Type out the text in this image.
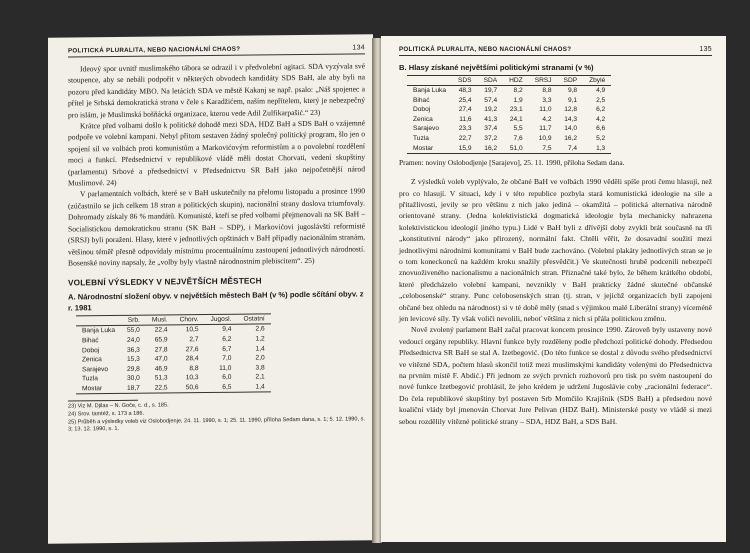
POLITICKÁ PLURALITA, NEBO NACIONÁLNÍ CHAOS?	134

Ideový spor uvnitř muslimského tábora se odrazil i v předvolební agitaci. SDA vyzývala své stoupence, aby se nebáli podpořit v některých obvodech kandidáty SDS BaH, ale aby byli na pozoru před kandidáty MBO. Na letácích SDA ve městě Kakanj se např. psalo: „Náš spojenec a přítel je Srbská demokratická strana v čele s Karadžićem, naším nepřítelem, který je nebezpečný pro islám, je Muslimská bošňácká organizace, kterou vede Adil Zulfikarpašić.“ 23)

Krátce před volbami došlo k politické dohodě mezi SDA, HDZ BaH a SDS BaH o vzájemné podpoře ve volební kampani. Nebyl přitom sestaven žádný společný politický program, šlo jen o spojení sil ve volbách proti komunistům a Markovićovým reformistům a o povolební rozdělení moci a funkcí. Předsednictví v republikové vládě měli dostat Chorvati, vedení skupštiny (parlamentu) Srbové a předsednictví v Předsednictvu SR BaH jako nejpočetnější národ Muslimové. 24)

V parlamentních volbách, které se v BaH uskutečnily na přelomu listopadu a prosince 1990 (zúčastnilo se jich celkem 18 stran a politických skupin), nacionální strany doslova triumfovaly. Dohromady získaly 86 % mandátů. Komunisté, kteří se před volbami přejmenovali na SK BaH – Socialistickou demokratickou stranu (SK BaH – SDP), i Markovićovi jugoslávští reformisté (SRSJ) byli poraženi. Hlasy, které v jednotlivých opštinách v BaH připadly nacionálním stranám, většinou téměř přesně odpovídaly místnímu procentuálnímu zastoupení jednotlivých národností. Bosenské noviny napsaly, že „volby byly vlastně národnostním plebiscitem“. 25)

VOLEBNÍ VÝSLEDKY V NEJVĚTŠÍCH MĚSTECH
A. Národnostní složení obyv. v největších městech BaH (v %) podle sčítání obyv. z r. 1981
	Srb.	Musl.	Chorv.	Jugosl.	Ostatní
Banja Luka	55,0	22,4	10,5	9,4	2,6
Bihać	24,0	65,9	2,7	6,2	1,2
Doboj	36,3	27,8	27,6	6,7	1,4
Zenica	15,3	47,0	28,4	7,0	2,0
Sarajevo	29,8	46,9	8,8	11,0	3,8
Tuzla	30,0	51,3	10,3	6,0	2,1
Mostar	18,7	22,5	50,6	6,5	1,4

23) Viz M. Djilas – N. Goče, c. d., s. 185.

24) Srov. tamtéž, s. 173 a 186.

25) Průběh a výsledky voleb viz Oslobodjenje, 24. 11. 1990, s. 1; 25. 11. 1990, příloha Sedam dana, s. 1; 5. 12. 1990, s. 3; 13. 12. 1990, s. 1.

POLITICKÁ PLURALITA, NEBO NACIONÁLNÍ CHAOS?	135
B. Hlasy získané největšími politickými stranami (v %)
	SDS	SDA	HDZ	SRSJ	SDP	Zbylé
Banja Luka	48,3	19,7	8,2	8,8	9,8	4,9
Bihać	25,4	57,4	1,9	3,3	9,1	2,5
Doboj	27,4	19,2	23,1	11,0	12,8	6,2
Zenica	11,6	41,3	24,1	4,2	14,3	4,2
Sarajevo	23,3	37,4	5,5	11,7	14,0	6,6
Tuzla	22,7	37,2	7,6	10,9	16,2	5,2
Mostar	15,9	16,2	51,0	7,5	7,4	1,3

Pramen: noviny Oslobodjenje [Sarajevo], 25. 11. 1990, příloha Sedam dana.

Z výsledků voleb vyplývalo, že občané BaH ve volbách 1990 věděli spíše proti čemu hlasují, než pro co hlasují. V situaci, kdy i v této republice pozbyla stará komunistická ideologie na síle a přitažlivosti, jevily se pro většinu z nich jako jediná – okamžitá – politická alternativa národně orientované strany. (Jedna kolektivistická dogmatická ideologie byla mechanicky nahrazena kolektivistickou ideologií jiného typu.) Lidé v BaH byli z dřívější doby zvyklí brát současně na tři „konstitutivní národy“ jako přirozený, normální fakt. Chtěli věřit, že dosavadní soužití mezi jednotlivými národními komunitami v BaH bude zachováno. (Volební plakáty jednotlivých stran se je o tom koneckonců na každém kroku snažily přesvědčit.) Ve skutečnosti hrubě podcenili nebezpečí znovuoživeného nacionalismu a nacionálních stran. Přiznačné také bylo, že během krátkého období, které předcházelo volební kampani, nevznikly v BaH prakticky žádné skutečné občanské „celobosenské“ strany. Punc celobosenských stran (tj. stran, v jejichž organizacích byli zapojeni občané bez ohledu na národnost) si v té době měly (snad s výjimkou malé Liberální strany) víceméně jen levicové síly. Ty však voliči nevolili, neboť většina z nich si přála politickou změnu.

Nově zvolený parlament BaH začal pracovat koncem prosince 1990. Zároveň byly ustaveny nové vedoucí orgány republiky. Hlavní funkce byly rozděleny podle předchozí politické dohody. Předsedou Předsednictva SR BaH se stal A. Izetbegović. (Do této funkce se dostal z důvodu svého předsednictví ve vítězné SDA, počtem hlasů skončil totiž mezi muslimskými kandidáty volenými do Předsednictva na prvním místě F. Abdić.) Při jednom ze svých prvních rozhovorů pro tisk po svém nastoupení do nové funkce Izetbegović prohlásil, že jeho krédem je udržení Jugoslávie coby „racionální federace“. Do čela republikové skupštiny byl postaven Srb Momčilo Krajišnik (SDS BaH) a předsedou nové koaliční vlády byl jmenován Chorvat Jure Pelivan (HDZ BaH). Ministerské posty ve vládě si mezi sebou rozdělily vítězné politické strany – SDA, HDZ BaH, a SDS BaH.
